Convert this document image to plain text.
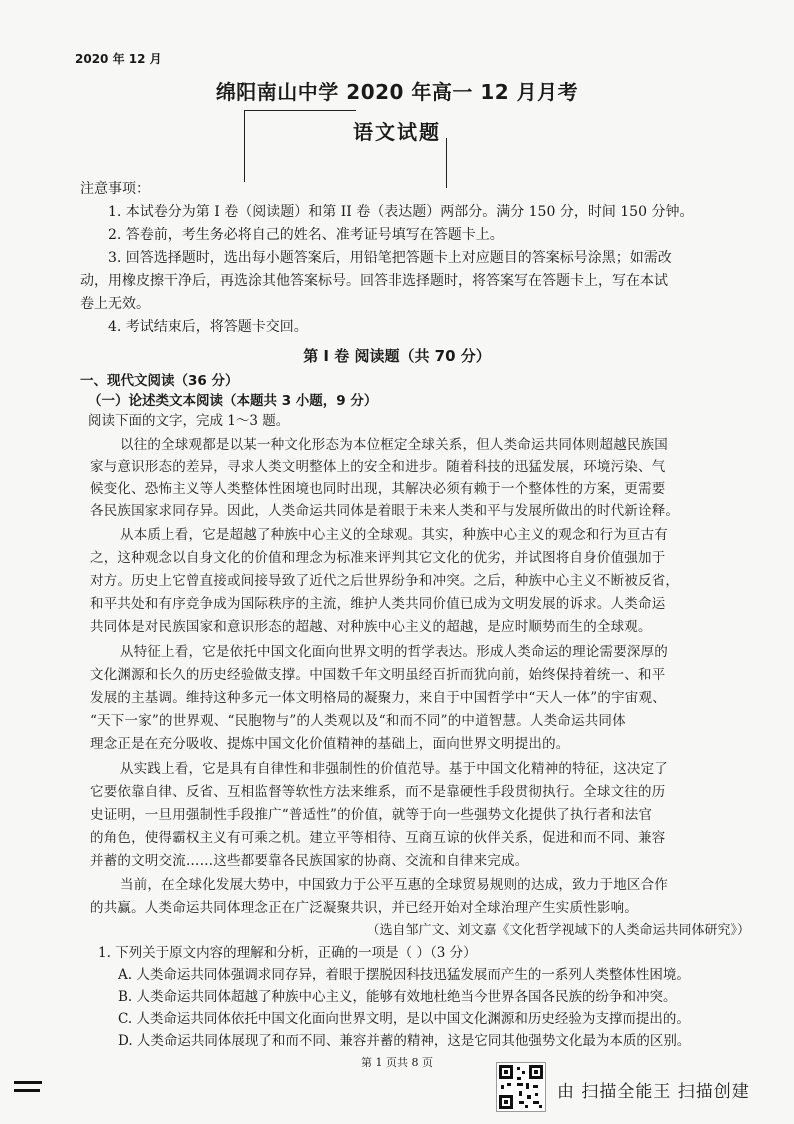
2020 年 12 月
绵阳南山中学 2020 年高一 12 月月考
语文试题
注意事项：
1. 本试卷分为第 I 卷（阅读题）和第 II 卷（表达题）两部分。满分 150 分，时间 150 分钟。
2. 答卷前，考生务必将自己的姓名、准考证号填写在答题卡上。
3. 回答选择题时，选出每小题答案后，用铅笔把答题卡上对应题目的答案标号涂黑；如需改
动，用橡皮擦干净后，再选涂其他答案标号。回答非选择题时，将答案写在答题卡上，写在本试
卷上无效。
4. 考试结束后，将答题卡交回。
第 I 卷 阅读题（共 70 分）
一、现代文阅读（36 分）
（一）论述类文本阅读（本题共 3 小题，9 分）
阅读下面的文字，完成 1～3 题。
以往的全球观都是以某一种文化形态为本位框定全球关系，但人类命运共同体则超越民族国
家与意识形态的差异，寻求人类文明整体上的安全和进步。随着科技的迅猛发展，环境污染、气
候变化、恐怖主义等人类整体性困境也同时出现，其解决必须有赖于一个整体性的方案，更需要
各民族国家求同存异。因此，人类命运共同体是着眼于未来人类和平与发展所做出的时代新诠释。
从本质上看，它是超越了种族中心主义的全球观。其实，种族中心主义的观念和行为亘古有
之，这种观念以自身文化的价值和理念为标准来评判其它文化的优劣，并试图将自身价值强加于
对方。历史上它曾直接或间接导致了近代之后世界纷争和冲突。之后，种族中心主义不断被反省，
和平共处和有序竞争成为国际秩序的主流，维护人类共同价值已成为文明发展的诉求。人类命运
共同体是对民族国家和意识形态的超越、对种族中心主义的超越，是应时顺势而生的全球观。
从特征上看，它是依托中国文化面向世界文明的哲学表达。形成人类命运的理论需要深厚的
文化渊源和长久的历史经验做支撑。中国数千年文明虽经百折而犹向前，始终保持着统一、和平
发展的主基调。维持这种多元一体文明格局的凝聚力，来自于中国哲学中“天人一体”的宇宙观、
“天下一家”的世界观、“民胞物与”的人类观以及“和而不同”的中道智慧。人类命运共同体
理念正是在充分吸收、提炼中国文化价值精神的基础上，面向世界文明提出的。
从实践上看，它是具有自律性和非强制性的价值范导。基于中国文化精神的特征，这决定了
它要依靠自律、反省、互相监督等软性方法来维系，而不是靠硬性手段贯彻执行。全球文往的历
史证明，一旦用强制性手段推广“普适性”的价值，就等于向一些强势文化提供了执行者和法官
的角色，使得霸权主义有可乘之机。建立平等相待、互商互谅的伙伴关系，促进和而不同、兼容
并蓄的文明交流……这些都要靠各民族国家的协商、交流和自律来完成。
当前，在全球化发展大势中，中国致力于公平互惠的全球贸易规则的达成，致力于地区合作
的共赢。人类命运共同体理念正在广泛凝聚共识，并已经开始对全球治理产生实质性影响。
（选自邹广文、刘文嘉《文化哲学视域下的人类命运共同体研究》）
1. 下列关于原文内容的理解和分析，正确的一项是（ ）（3 分）
A. 人类命运共同体强调求同存异，着眼于摆脱因科技迅猛发展而产生的一系列人类整体性困境。
B. 人类命运共同体超越了种族中心主义，能够有效地杜绝当今世界各国各民族的纷争和冲突。
C. 人类命运共同体依托中国文化面向世界文明，是以中国文化渊源和历史经验为支撑而提出的。
D. 人类命运共同体展现了和而不同、兼容并蓄的精神，这是它同其他强势文化最为本质的区别。
第 1 页共 8 页
由 扫描全能王 扫描创建
